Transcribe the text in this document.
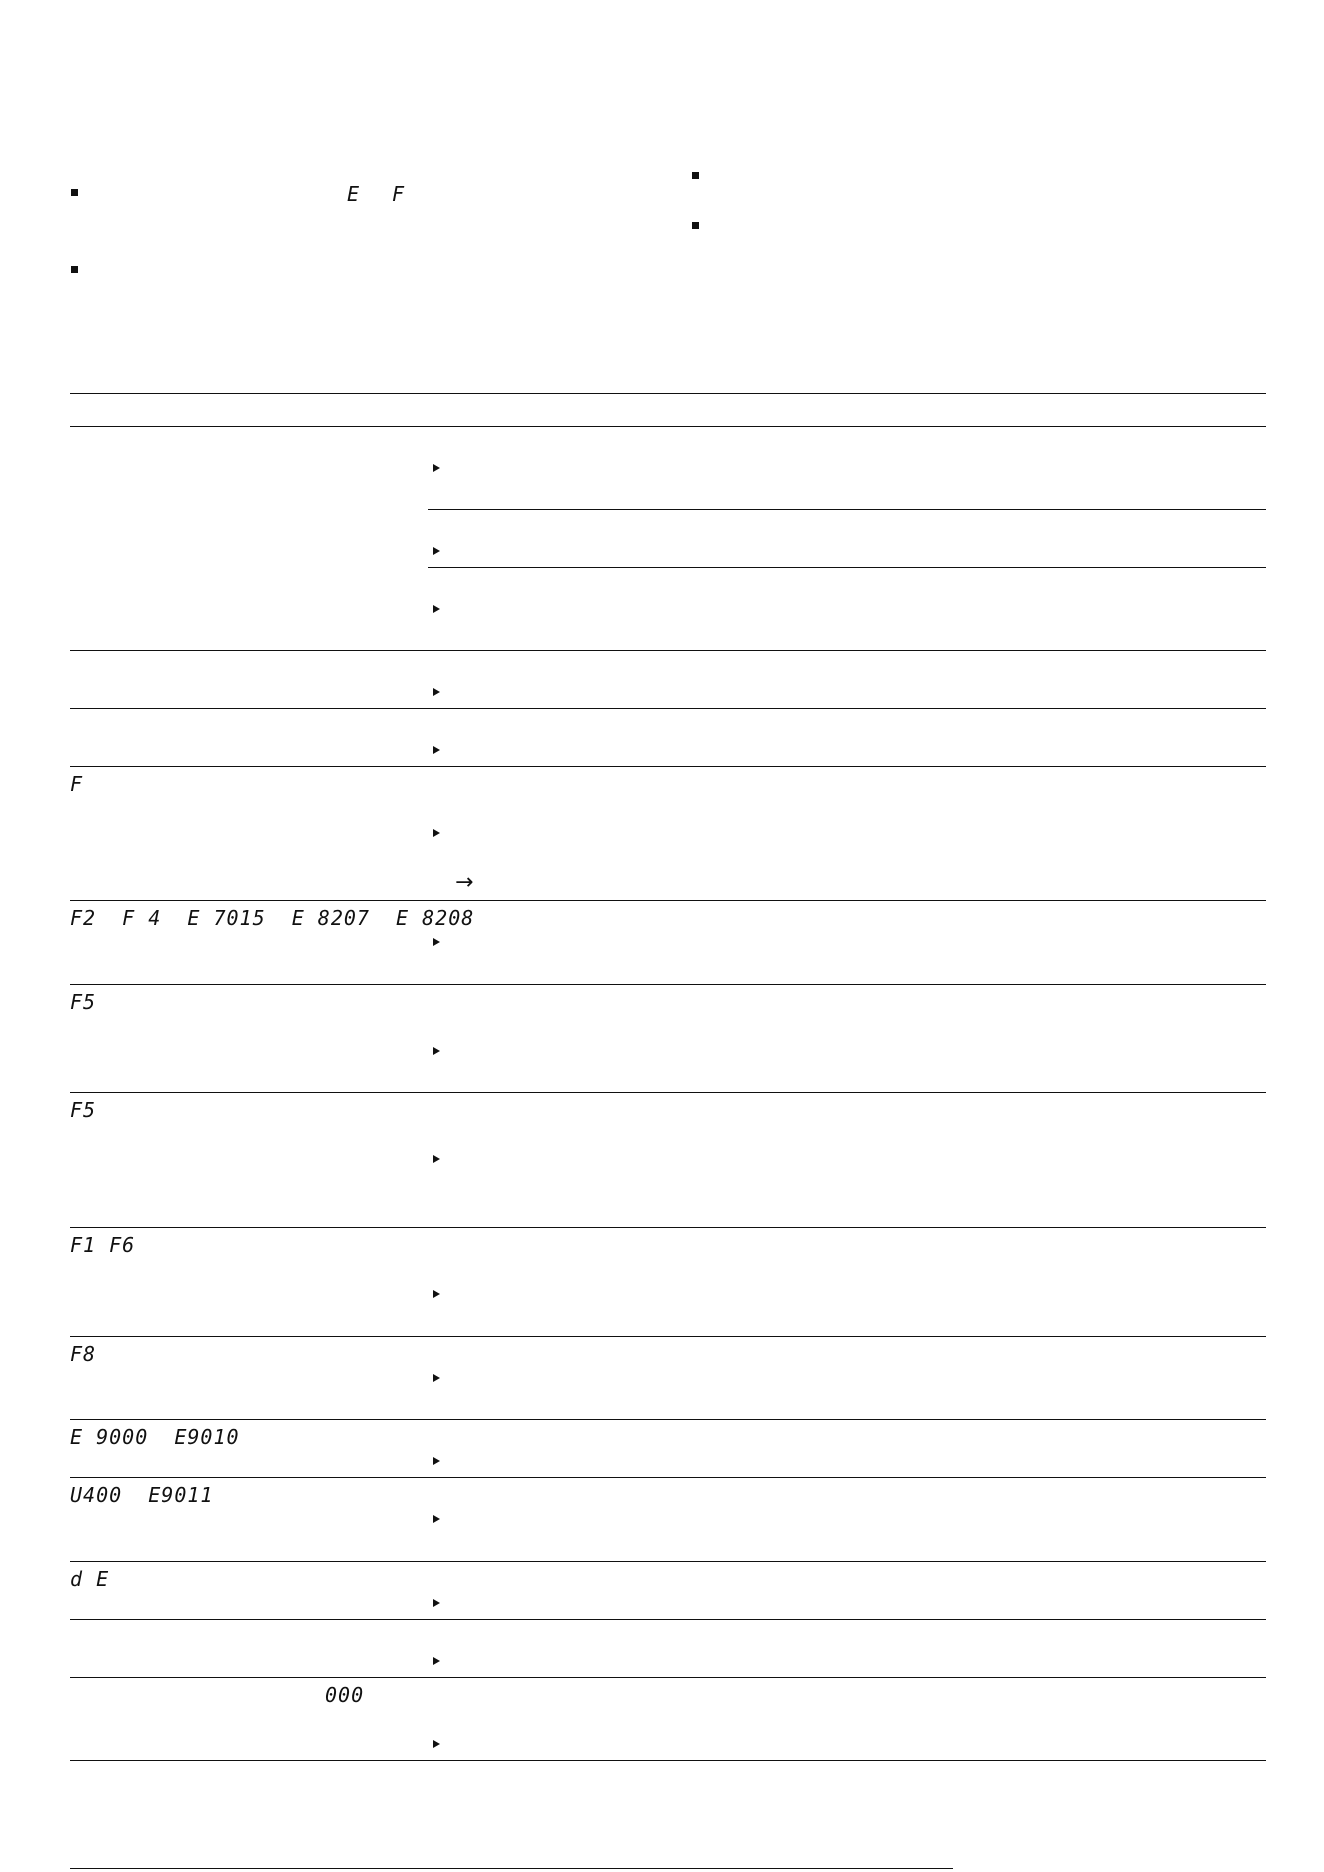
E F
F
→
F2  F 4  E 7015  E 8207  E 8208
F5
F5
F1 F6
F8
E 9000  E9010
U400  E9011
d E
000
